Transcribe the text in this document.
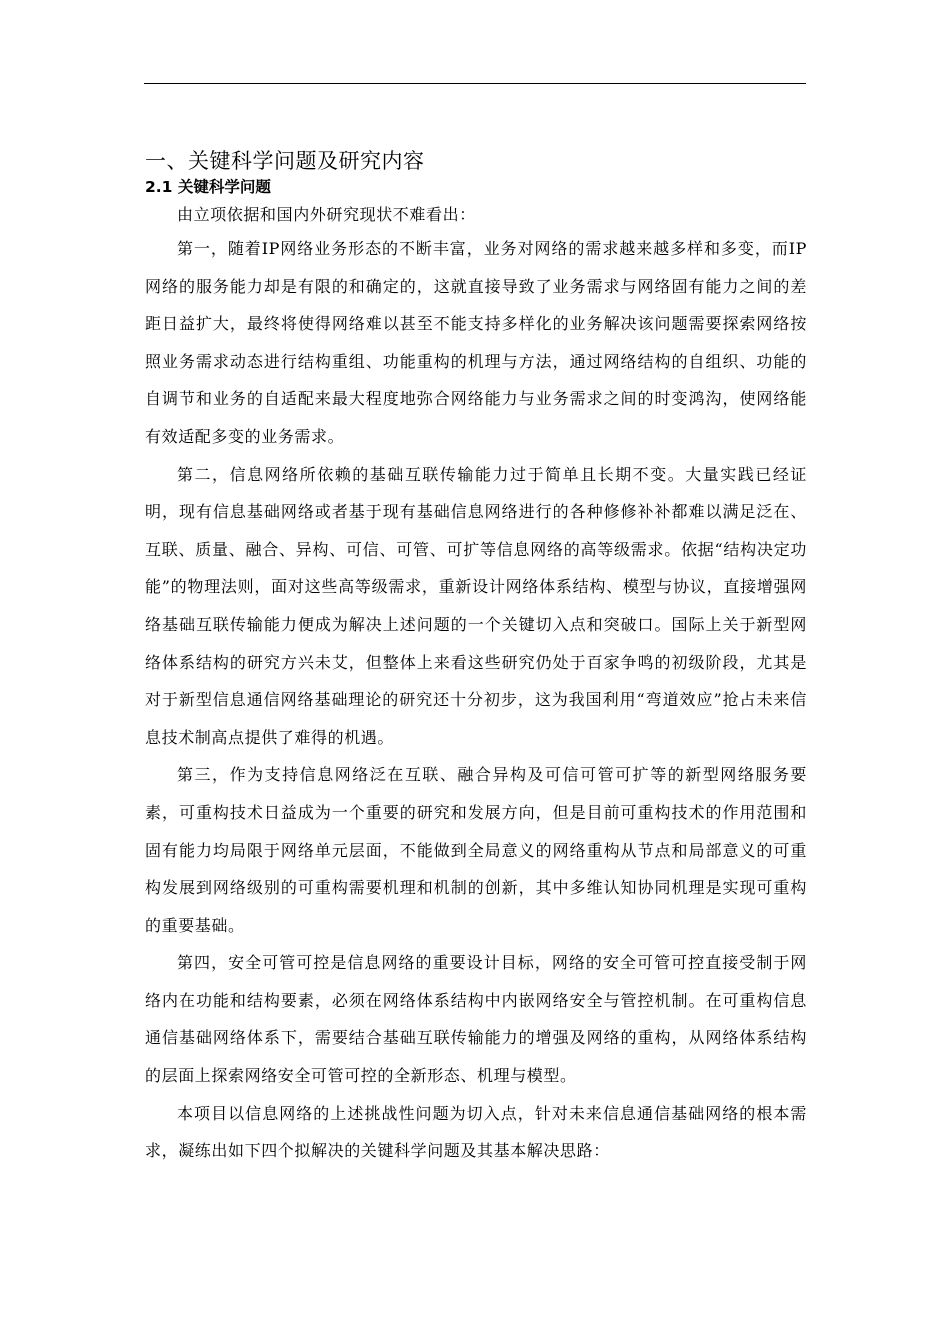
一、关键科学问题及研究内容
2.1 关键科学问题

由立项依据和国内外研究现状不难看出：

第一，随着IP网络业务形态的不断丰富，业务对网络的需求越来越多样和多变，而IP网络的服务能力却是有限的和确定的，这就直接导致了业务需求与网络固有能力之间的差距日益扩大，最终将使得网络难以甚至不能支持多样化的业务解决该问题需要探索网络按照业务需求动态进行结构重组、功能重构的机理与方法，通过网络结构的自组织、功能的自调节和业务的自适配来最大程度地弥合网络能力与业务需求之间的时变鸿沟，使网络能有效适配多变的业务需求。

第二，信息网络所依赖的基础互联传输能力过于简单且长期不变。大量实践已经证明，现有信息基础网络或者基于现有基础信息网络进行的各种修修补补都难以满足泛在、互联、质量、融合、异构、可信、可管、可扩等信息网络的高等级需求。依据“结构决定功能”的物理法则，面对这些高等级需求，重新设计网络体系结构、模型与协议，直接增强网络基础互联传输能力便成为解决上述问题的一个关键切入点和突破口。国际上关于新型网络体系结构的研究方兴未艾，但整体上来看这些研究仍处于百家争鸣的初级阶段，尤其是对于新型信息通信网络基础理论的研究还十分初步，这为我国利用“弯道效应”抢占未来信息技术制高点提供了难得的机遇。

第三，作为支持信息网络泛在互联、融合异构及可信可管可扩等的新型网络服务要素，可重构技术日益成为一个重要的研究和发展方向，但是目前可重构技术的作用范围和固有能力均局限于网络单元层面，不能做到全局意义的网络重构从节点和局部意义的可重构发展到网络级别的可重构需要机理和机制的创新，其中多维认知协同机理是实现可重构的重要基础。

第四，安全可管可控是信息网络的重要设计目标，网络的安全可管可控直接受制于网络内在功能和结构要素，必须在网络体系结构中内嵌网络安全与管控机制。在可重构信息通信基础网络体系下，需要结合基础互联传输能力的增强及网络的重构，从网络体系结构的层面上探索网络安全可管可控的全新形态、机理与模型。

本项目以信息网络的上述挑战性问题为切入点，针对未来信息通信基础网络的根本需求，凝练出如下四个拟解决的关键科学问题及其基本解决思路：
